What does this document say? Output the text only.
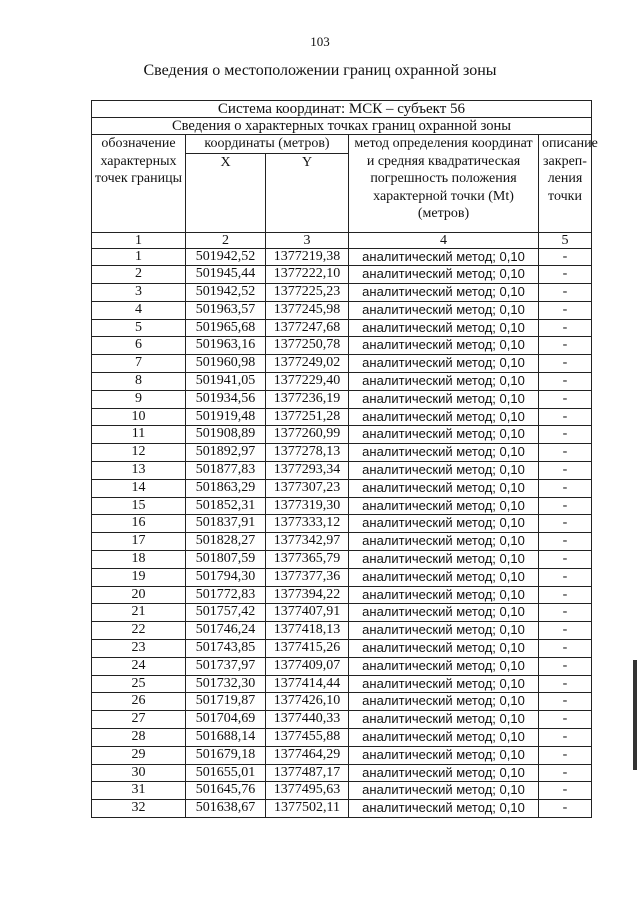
103
Сведения о местоположении границ охранной зоны
Система координат: МСК – субъект 56				
Сведения о характерных точках границ охранной зоны				
обозначение характерных точек границы	координаты (метров)		метод определения координат и средняя квадратическая погрешность положения характерной точки (Mt) (метров)	описание закреп-ления точки
	X	Y		
1	2	3	4	5
1	501942,52	1377219,38	аналитический метод; 0,10	-
2	501945,44	1377222,10	аналитический метод; 0,10	-
3	501942,52	1377225,23	аналитический метод; 0,10	-
4	501963,57	1377245,98	аналитический метод; 0,10	-
5	501965,68	1377247,68	аналитический метод; 0,10	-
6	501963,16	1377250,78	аналитический метод; 0,10	-
7	501960,98	1377249,02	аналитический метод; 0,10	-
8	501941,05	1377229,40	аналитический метод; 0,10	-
9	501934,56	1377236,19	аналитический метод; 0,10	-
10	501919,48	1377251,28	аналитический метод; 0,10	-
11	501908,89	1377260,99	аналитический метод; 0,10	-
12	501892,97	1377278,13	аналитический метод; 0,10	-
13	501877,83	1377293,34	аналитический метод; 0,10	-
14	501863,29	1377307,23	аналитический метод; 0,10	-
15	501852,31	1377319,30	аналитический метод; 0,10	-
16	501837,91	1377333,12	аналитический метод; 0,10	-
17	501828,27	1377342,97	аналитический метод; 0,10	-
18	501807,59	1377365,79	аналитический метод; 0,10	-
19	501794,30	1377377,36	аналитический метод; 0,10	-
20	501772,83	1377394,22	аналитический метод; 0,10	-
21	501757,42	1377407,91	аналитический метод; 0,10	-
22	501746,24	1377418,13	аналитический метод; 0,10	-
23	501743,85	1377415,26	аналитический метод; 0,10	-
24	501737,97	1377409,07	аналитический метод; 0,10	-
25	501732,30	1377414,44	аналитический метод; 0,10	-
26	501719,87	1377426,10	аналитический метод; 0,10	-
27	501704,69	1377440,33	аналитический метод; 0,10	-
28	501688,14	1377455,88	аналитический метод; 0,10	-
29	501679,18	1377464,29	аналитический метод; 0,10	-
30	501655,01	1377487,17	аналитический метод; 0,10	-
31	501645,76	1377495,63	аналитический метод; 0,10	-
32	501638,67	1377502,11	аналитический метод; 0,10	-
